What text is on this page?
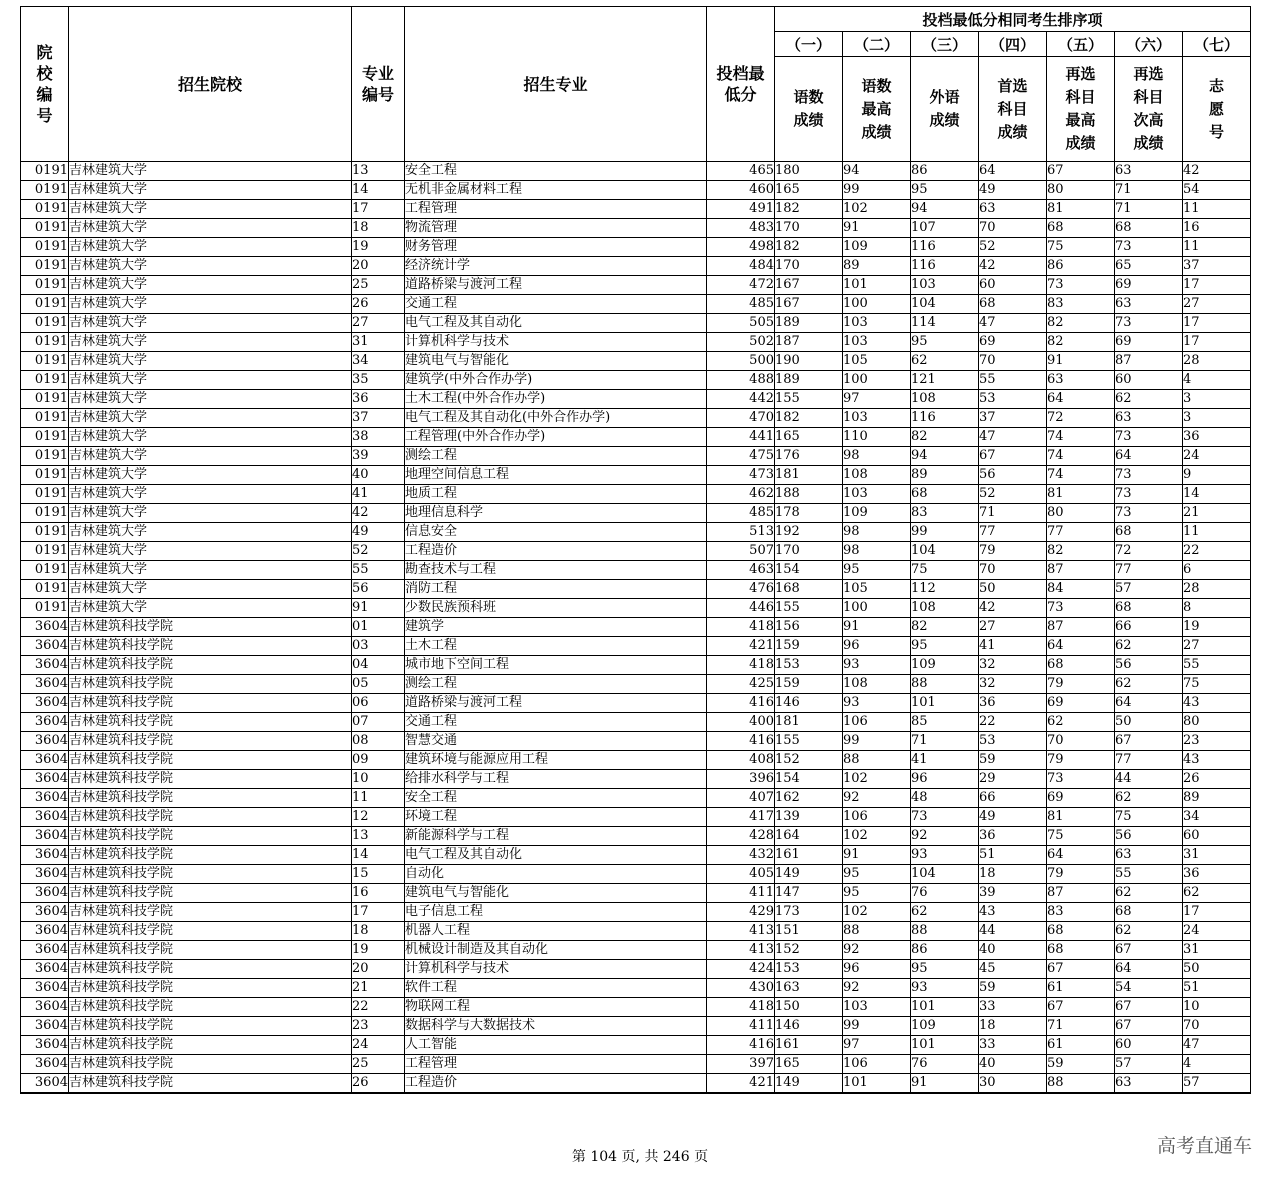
院校编号	招生院校	专业编号	招生专业	投档最低分	投档最低分相同考生排序项						
					（一）	（二）	（三）	（四）	（五）	（六）	（七）
					语数成绩	语数最高成绩	外语成绩	首选科目成绩	再选科目最高成绩	再选科目次高成绩	志愿号
0191	吉林建筑大学	13	安全工程	465	180	94	86	64	67	63	42
0191	吉林建筑大学	14	无机非金属材料工程	460	165	99	95	49	80	71	54
0191	吉林建筑大学	17	工程管理	491	182	102	94	63	81	71	11
0191	吉林建筑大学	18	物流管理	483	170	91	107	70	68	68	16
0191	吉林建筑大学	19	财务管理	498	182	109	116	52	75	73	11
0191	吉林建筑大学	20	经济统计学	484	170	89	116	42	86	65	37
0191	吉林建筑大学	25	道路桥梁与渡河工程	472	167	101	103	60	73	69	17
0191	吉林建筑大学	26	交通工程	485	167	100	104	68	83	63	27
0191	吉林建筑大学	27	电气工程及其自动化	505	189	103	114	47	82	73	17
0191	吉林建筑大学	31	计算机科学与技术	502	187	103	95	69	82	69	17
0191	吉林建筑大学	34	建筑电气与智能化	500	190	105	62	70	91	87	28
0191	吉林建筑大学	35	建筑学(中外合作办学)	488	189	100	121	55	63	60	4
0191	吉林建筑大学	36	土木工程(中外合作办学)	442	155	97	108	53	64	62	3
0191	吉林建筑大学	37	电气工程及其自动化(中外合作办学)	470	182	103	116	37	72	63	3
0191	吉林建筑大学	38	工程管理(中外合作办学)	441	165	110	82	47	74	73	36
0191	吉林建筑大学	39	测绘工程	475	176	98	94	67	74	64	24
0191	吉林建筑大学	40	地理空间信息工程	473	181	108	89	56	74	73	9
0191	吉林建筑大学	41	地质工程	462	188	103	68	52	81	73	14
0191	吉林建筑大学	42	地理信息科学	485	178	109	83	71	80	73	21
0191	吉林建筑大学	49	信息安全	513	192	98	99	77	77	68	11
0191	吉林建筑大学	52	工程造价	507	170	98	104	79	82	72	22
0191	吉林建筑大学	55	勘查技术与工程	463	154	95	75	70	87	77	6
0191	吉林建筑大学	56	消防工程	476	168	105	112	50	84	57	28
0191	吉林建筑大学	91	少数民族预科班	446	155	100	108	42	73	68	8
3604	吉林建筑科技学院	01	建筑学	418	156	91	82	27	87	66	19
3604	吉林建筑科技学院	03	土木工程	421	159	96	95	41	64	62	27
3604	吉林建筑科技学院	04	城市地下空间工程	418	153	93	109	32	68	56	55
3604	吉林建筑科技学院	05	测绘工程	425	159	108	88	32	79	62	75
3604	吉林建筑科技学院	06	道路桥梁与渡河工程	416	146	93	101	36	69	64	43
3604	吉林建筑科技学院	07	交通工程	400	181	106	85	22	62	50	80
3604	吉林建筑科技学院	08	智慧交通	416	155	99	71	53	70	67	23
3604	吉林建筑科技学院	09	建筑环境与能源应用工程	408	152	88	41	59	79	77	43
3604	吉林建筑科技学院	10	给排水科学与工程	396	154	102	96	29	73	44	26
3604	吉林建筑科技学院	11	安全工程	407	162	92	48	66	69	62	89
3604	吉林建筑科技学院	12	环境工程	417	139	106	73	49	81	75	34
3604	吉林建筑科技学院	13	新能源科学与工程	428	164	102	92	36	75	56	60
3604	吉林建筑科技学院	14	电气工程及其自动化	432	161	91	93	51	64	63	31
3604	吉林建筑科技学院	15	自动化	405	149	95	104	18	79	55	36
3604	吉林建筑科技学院	16	建筑电气与智能化	411	147	95	76	39	87	62	62
3604	吉林建筑科技学院	17	电子信息工程	429	173	102	62	43	83	68	17
3604	吉林建筑科技学院	18	机器人工程	413	151	88	88	44	68	62	24
3604	吉林建筑科技学院	19	机械设计制造及其自动化	413	152	92	86	40	68	67	31
3604	吉林建筑科技学院	20	计算机科学与技术	424	153	96	95	45	67	64	50
3604	吉林建筑科技学院	21	软件工程	430	163	92	93	59	61	54	51
3604	吉林建筑科技学院	22	物联网工程	418	150	103	101	33	67	67	10
3604	吉林建筑科技学院	23	数据科学与大数据技术	411	146	99	109	18	71	67	70
3604	吉林建筑科技学院	24	人工智能	416	161	97	101	33	61	60	47
3604	吉林建筑科技学院	25	工程管理	397	165	106	76	40	59	57	4
3604	吉林建筑科技学院	26	工程造价	421	149	101	91	30	88	63	57
第 104 页, 共 246 页	高考直通车
